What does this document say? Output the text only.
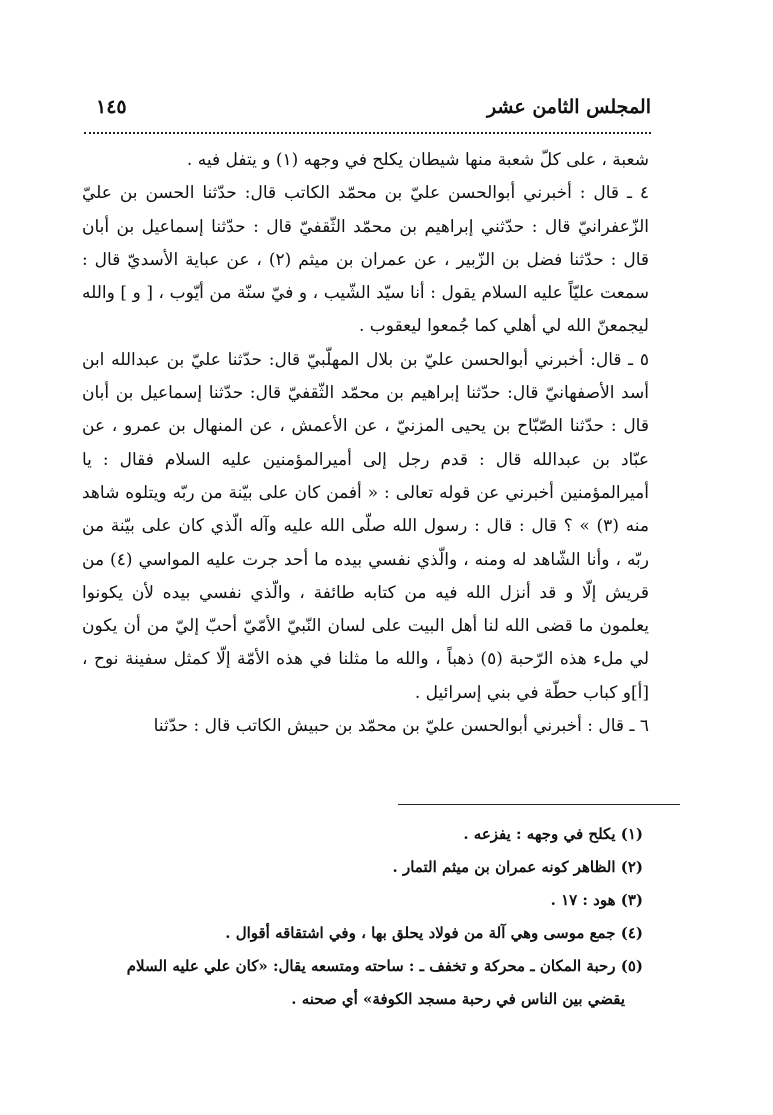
المجلس الثامن عشر
١٤٥

شعبة ، على كلّ شعبة منها شيطان يكلح في وجهه (١) و يتفل فيه .

٤ ـ قال : أخبرني أبوالحسن عليّ بن محمّد الكاتب قال: حدّثنا الحسن بن عليّ الزّعفرانيّ قال : حدّثني إبراهيم بن محمّد الثّقفيّ قال : حدّثنا إسماعيل بن أبان قال : حدّثنا فضل بن الزّبير ، عن عمران بن ميثم (٢) ، عن عباية الأسديّ قال : سمعت عليّاً عليه السلام يقول : أنا سيّد الشّيب ، و فيّ سنّة من أيّوب ، [ و ] والله ليجمعنّ الله لي أهلي كما جُمعوا ليعقوب .

٥ ـ قال: أخبرني أبوالحسن عليّ بن بلال المهلّبيّ قال: حدّثنا عليّ بن عبدالله ابن أسد الأصفهانيّ قال: حدّثنا إبراهيم بن محمّد الثّقفيّ قال: حدّثنا إسماعيل بن أبان قال : حدّثنا الصّبّاح بن يحيى المزنيّ ، عن الأعمش ، عن المنهال بن عمرو ، عن عبّاد بن عبدالله قال : قدم رجل إلى أميرالمؤمنين عليه السلام فقال : يا أميرالمؤمنين أخبرني عن قوله تعالى : « أفمن كان على بيّنة من ربّه ويتلوه شاهد منه (٣) » ؟ قال : قال : رسول الله صلّى الله عليه وآله الّذي كان على بيّنة من ربّه ، وأنا الشّاهد له ومنه ، والّذي نفسي بيده ما أحد جرت عليه المواسي (٤) من قريش إلّا و قد أنزل الله فيه من كتابه طائفة ، والّذي نفسي بيده لأن يكونوا يعلمون ما قضى الله لنا أهل البيت على لسان النّبيّ الأمّيّ أحبّ إليّ من أن يكون لي ملء هذه الرّحبة (٥) ذهباً ، والله ما مثلنا في هذه الأمّة إلّا كمثل سفينة نوح ، [أ]و كباب حطّة في بني إسرائيل .

٦ ـ قال : أخبرني أبوالحسن عليّ بن محمّد بن حبيش الكاتب قال : حدّثنا

(١) يكلح في وجهه : يفزعه .

(٢) الظاهر كونه عمران بن ميثم التمار .

(٣) هود : ١٧ .

(٤) جمع موسى وهي آلة من فولاد يحلق بها ، وفي اشتقاقه أقوال .

(٥) رحبة المكان ـ محركة و تخفف ـ : ساحته ومتسعه يقال: «كان علي عليه السلام

يقضي بين الناس في رحبة مسجد الكوفة» أي صحنه .
